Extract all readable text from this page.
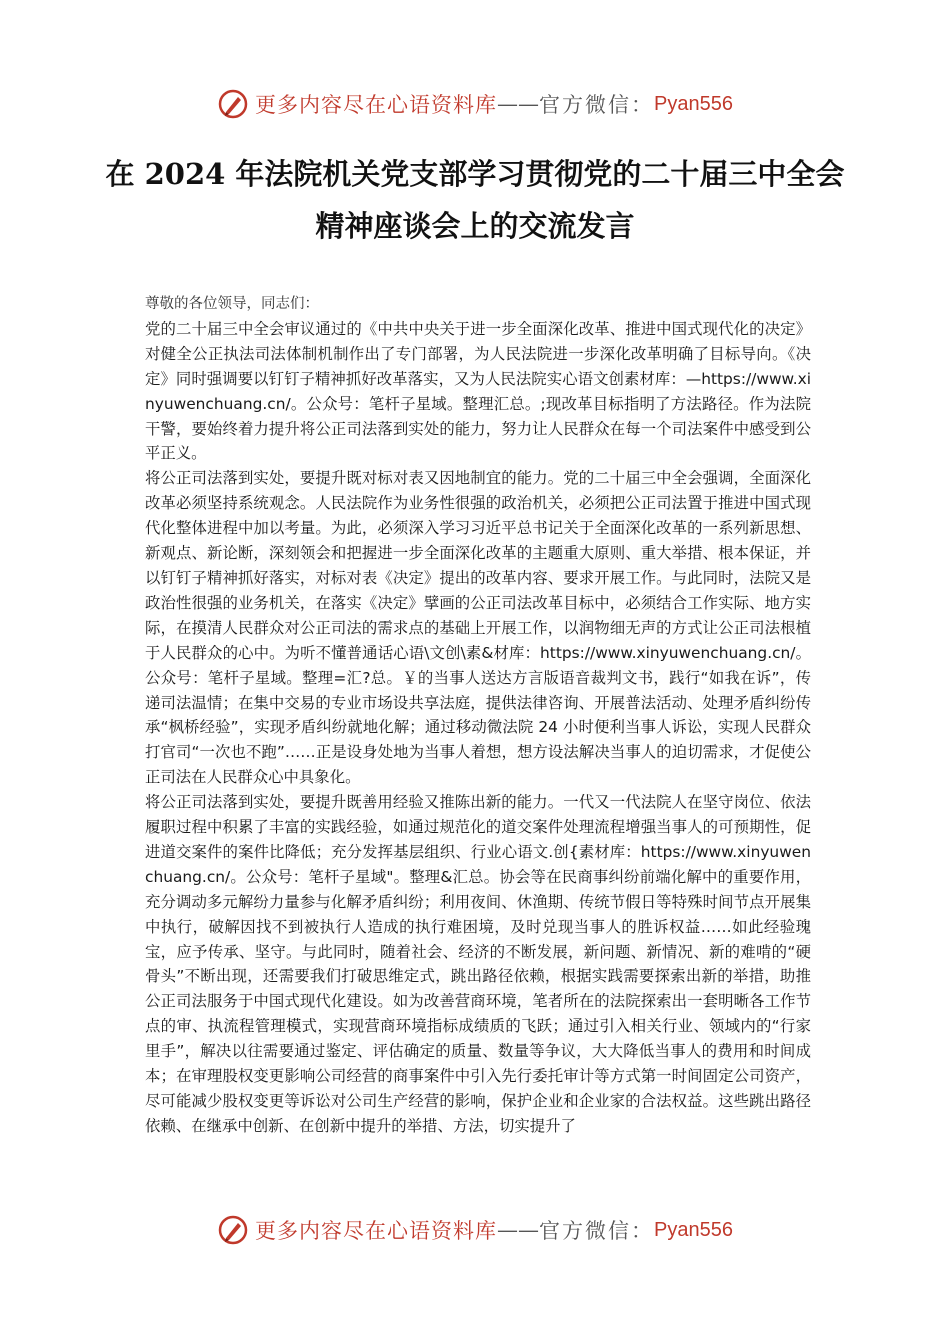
更多内容尽在心语资料库 —— 官方微信： Pyan556
在 2024 年法院机关党支部学习贯彻党的二十届三中全会精神座谈会上的交流发言

尊敬的各位领导，同志们：

党的二十届三中全会审议通过的《中共中央关于进一步全面深化改革、推进中国式现代化的决定》对健全公正执法司法体制机制作出了专门部署，为人民法院进一步深化改革明确了目标导向。《决定》同时强调要以钉钉子精神抓好改革落实，又为人民法院实心语文创素材库：—https://www.xinyuwenchuang.cn/。公众号：笔杆子星域。整理汇总。;现改革目标指明了方法路径。作为法院干警，要始终着力提升将公正司法落到实处的能力，努力让人民群众在每一个司法案件中感受到公平正义。

将公正司法落到实处，要提升既对标对表又因地制宜的能力。党的二十届三中全会强调，全面深化改革必须坚持系统观念。人民法院作为业务性很强的政治机关，必须把公正司法置于推进中国式现代化整体进程中加以考量。为此，必须深入学习习近平总书记关于全面深化改革的一系列新思想、新观点、新论断，深刻领会和把握进一步全面深化改革的主题重大原则、重大举措、根本保证，并以钉钉子精神抓好落实，对标对表《决定》提出的改革内容、要求开展工作。与此同时，法院又是政治性很强的业务机关，在落实《决定》擘画的公正司法改革目标中，必须结合工作实际、地方实际，在摸清人民群众对公正司法的需求点的基础上开展工作，以润物细无声的方式让公正司法根植于人民群众的心中。为听不懂普通话心语\文创\素&材库：https://www.xinyuwenchuang.cn/。公众号：笔杆子星域。整理=汇?总。￥的当事人送达方言版语音裁判文书，践行“如我在诉”，传递司法温情；在集中交易的专业市场设共享法庭，提供法律咨询、开展普法活动、处理矛盾纠纷传承“枫桥经验”，实现矛盾纠纷就地化解；通过移动微法院 24 小时便利当事人诉讼，实现人民群众打官司“一次也不跑”……正是设身处地为当事人着想，想方设法解决当事人的迫切需求，才促使公正司法在人民群众心中具象化。

将公正司法落到实处，要提升既善用经验又推陈出新的能力。一代又一代法院人在坚守岗位、依法履职过程中积累了丰富的实践经验，如通过规范化的道交案件处理流程增强当事人的可预期性，促进道交案件的案件比降低；充分发挥基层组织、行业心语文.创{素材库：https://www.xinyuwenchuang.cn/。公众号：笔杆子星域"。整理&汇总。协会等在民商事纠纷前端化解中的重要作用，充分调动多元解纷力量参与化解矛盾纠纷；利用夜间、休渔期、传统节假日等特殊时间节点开展集中执行，破解因找不到被执行人造成的执行难困境，及时兑现当事人的胜诉权益……如此经验瑰宝，应予传承、坚守。与此同时，随着社会、经济的不断发展，新问题、新情况、新的难啃的“硬骨头”不断出现，还需要我们打破思维定式，跳出路径依赖，根据实践需要探索出新的举措，助推公正司法服务于中国式现代化建设。如为改善营商环境，笔者所在的法院探索出一套明晰各工作节点的审、执流程管理模式，实现营商环境指标成绩质的飞跃；通过引入相关行业、领域内的“行家里手”，解决以往需要通过鉴定、评估确定的质量、数量等争议，大大降低当事人的费用和时间成本；在审理股权变更影响公司经营的商事案件中引入先行委托审计等方式第一时间固定公司资产，尽可能减少股权变更等诉讼对公司生产经营的影响，保护企业和企业家的合法权益。这些跳出路径依赖、在继承中创新、在创新中提升的举措、方法，切实提升了

更多内容尽在心语资料库 —— 官方微信： Pyan556
